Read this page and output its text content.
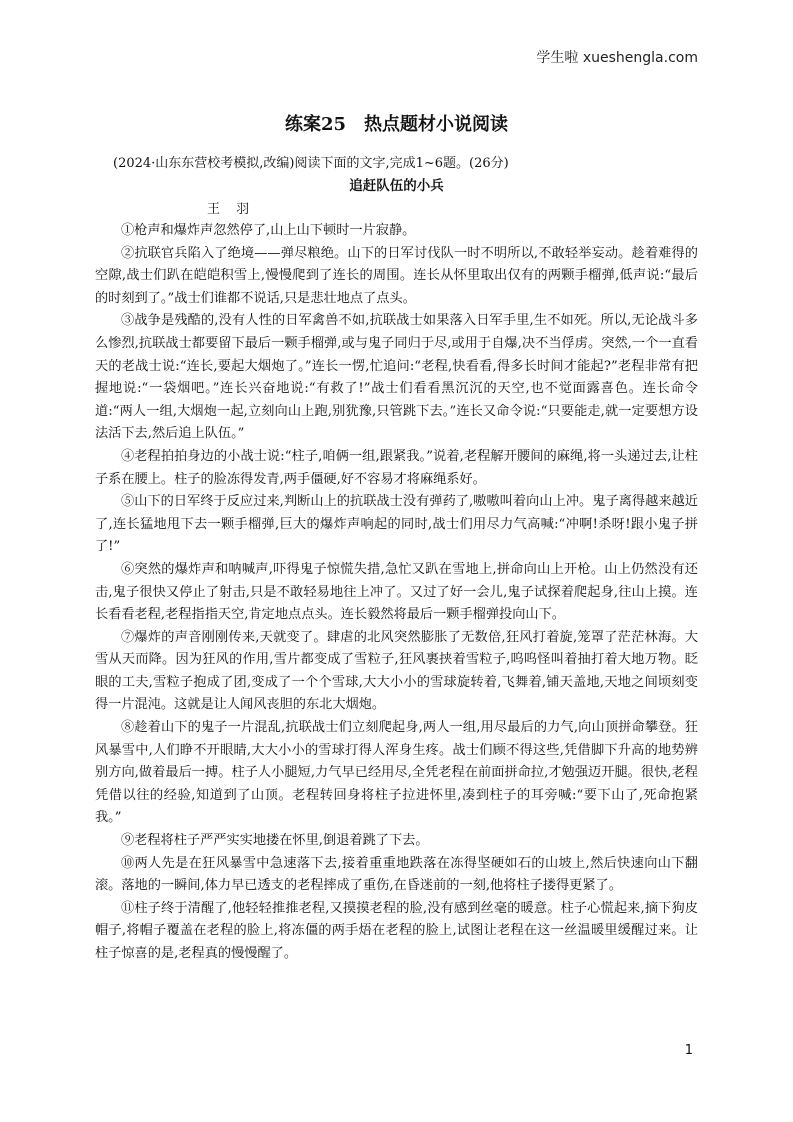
学生啦 xueshengla.com
练案25　热点题材小说阅读
(2024·山东东营校考模拟,改编)阅读下面的文字,完成1~6题。(26分)
追赶队伍的小兵
王 羽

①枪声和爆炸声忽然停了,山上山下顿时一片寂静。

②抗联官兵陷入了绝境——弹尽粮绝。山下的日军讨伐队一时不明所以,不敢轻举妄动。趁着难得的空隙,战士们趴在皑皑积雪上,慢慢爬到了连长的周围。连长从怀里取出仅有的两颗手榴弹,低声说:“最后的时刻到了。”战士们谁都不说话,只是悲壮地点了点头。

③战争是残酷的,没有人性的日军禽兽不如,抗联战士如果落入日军手里,生不如死。所以,无论战斗多么惨烈,抗联战士都要留下最后一颗手榴弹,或与鬼子同归于尽,或用于自爆,决不当俘虏。突然,一个一直看天的老战士说:“连长,要起大烟炮了。”连长一愣,忙追问:“老程,快看看,得多长时间才能起?”老程非常有把握地说:“一袋烟吧。”连长兴奋地说:“有救了!”战士们看看黑沉沉的天空,也不觉面露喜色。连长命令道:“两人一组,大烟炮一起,立刻向山上跑,别犹豫,只管跳下去。”连长又命令说:“只要能走,就一定要想方设法活下去,然后追上队伍。”

④老程拍拍身边的小战士说:“柱子,咱俩一组,跟紧我。”说着,老程解开腰间的麻绳,将一头递过去,让柱子系在腰上。柱子的脸冻得发青,两手僵硬,好不容易才将麻绳系好。

⑤山下的日军终于反应过来,判断山上的抗联战士没有弹药了,嗷嗷叫着向山上冲。鬼子离得越来越近了,连长猛地甩下去一颗手榴弹,巨大的爆炸声响起的同时,战士们用尽力气高喊:“冲啊!杀呀!跟小鬼子拼了!”

⑥突然的爆炸声和呐喊声,吓得鬼子惊慌失措,急忙又趴在雪地上,拼命向山上开枪。山上仍然没有还击,鬼子很快又停止了射击,只是不敢轻易地往上冲了。又过了好一会儿,鬼子试探着爬起身,往山上摸。连长看看老程,老程指指天空,肯定地点点头。连长毅然将最后一颗手榴弹投向山下。

⑦爆炸的声音刚刚传来,天就变了。肆虐的北风突然膨胀了无数倍,狂风打着旋,笼罩了茫茫林海。大雪从天而降。因为狂风的作用,雪片都变成了雪粒子,狂风裹挟着雪粒子,呜呜怪叫着抽打着大地万物。眨眼的工夫,雪粒子抱成了团,变成了一个个雪球,大大小小的雪球旋转着,飞舞着,铺天盖地,天地之间顷刻变得一片混沌。这就是让人闻风丧胆的东北大烟炮。

⑧趁着山下的鬼子一片混乱,抗联战士们立刻爬起身,两人一组,用尽最后的力气,向山顶拼命攀登。狂风暴雪中,人们睁不开眼睛,大大小小的雪球打得人浑身生疼。战士们顾不得这些,凭借脚下升高的地势辨别方向,做着最后一搏。柱子人小腿短,力气早已经用尽,全凭老程在前面拼命拉,才勉强迈开腿。很快,老程凭借以往的经验,知道到了山顶。老程转回身将柱子拉进怀里,凑到柱子的耳旁喊:“要下山了,死命抱紧我。”

⑨老程将柱子严严实实地搂在怀里,倒退着跳了下去。

⑩两人先是在狂风暴雪中急速落下去,接着重重地跌落在冻得坚硬如石的山坡上,然后快速向山下翻滚。落地的一瞬间,体力早已透支的老程摔成了重伤,在昏迷前的一刻,他将柱子搂得更紧了。

⑪柱子终于清醒了,他轻轻推推老程,又摸摸老程的脸,没有感到丝毫的暖意。柱子心慌起来,摘下狗皮帽子,将帽子覆盖在老程的脸上,将冻僵的两手焐在老程的脸上,试图让老程在这一丝温暖里缓醒过来。让柱子惊喜的是,老程真的慢慢醒了。

1
